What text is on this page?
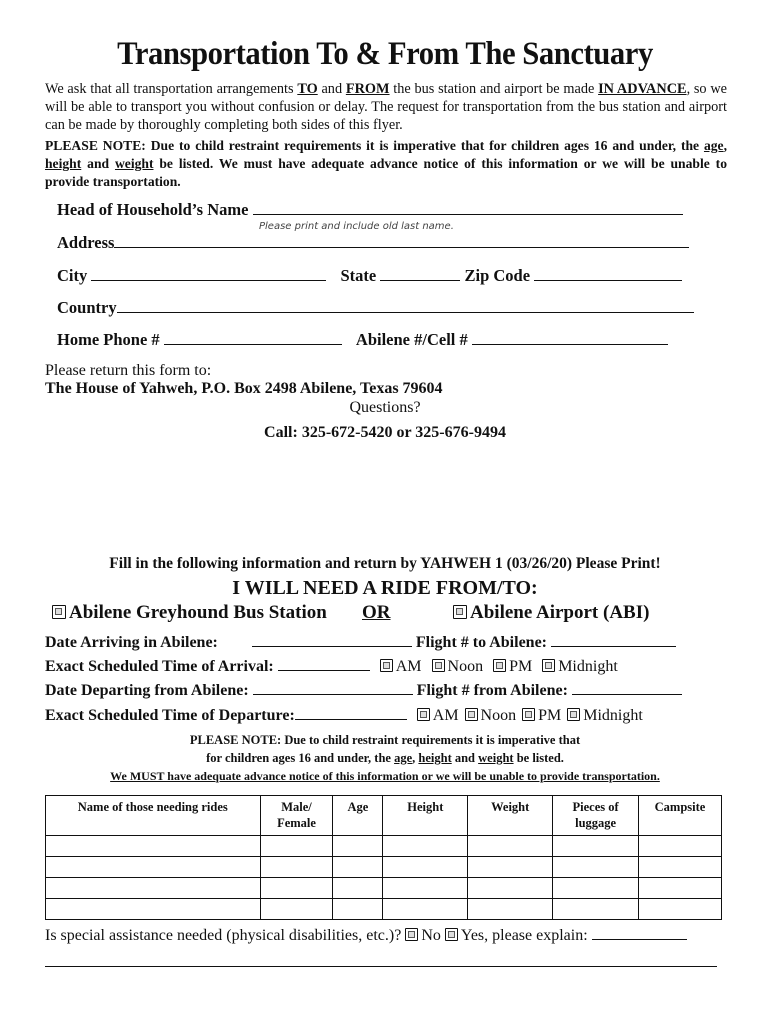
Transportation To & From The Sanctuary
We ask that all transportation arrangements TO and FROM the bus station and airport be made IN ADVANCE, so we will be able to transport you without confusion or delay. The request for transportation from the bus station and airport can be made by thoroughly completing both sides of this flyer.
PLEASE NOTE: Due to child restraint requirements it is imperative that for children ages 16 and under, the age, height and weight be listed. We must have adequate advance notice of this information or we will be unable to provide transportation.
Head of Household’s Name
Please print and include old last name.
Address
City	State	Zip Code
Country
Home Phone #	Abilene #/Cell #
Please return this form to:
The House of Yahweh, P.O. Box 2498 Abilene, Texas 79604
Questions?
Call: 325-672-5420 or 325-676-9494
Fill in the following information and return by YAHWEH 1 (03/26/20) Please Print!
I WILL NEED A RIDE FROM/TO:
Abilene Greyhound Bus Station OR	Abilene Airport (ABI)
Date Arriving in Abilene:	Flight # to Abilene:
Exact Scheduled Time of Arrival:	AM Noon PM Midnight
Date Departing from Abilene:	Flight # from Abilene:
Exact Scheduled Time of Departure:	AM Noon PM Midnight
PLEASE NOTE: Due to child restraint requirements it is imperative that
for children ages 16 and under, the age, height and weight be listed.
We MUST have adequate advance notice of this information or we will be unable to provide transportation.
Name of those needing rides	Male/ Female	Age	Height	Weight	Pieces of luggage	Campsite

Is special assistance needed (physical disabilities, etc.)? No Yes, please explain:
